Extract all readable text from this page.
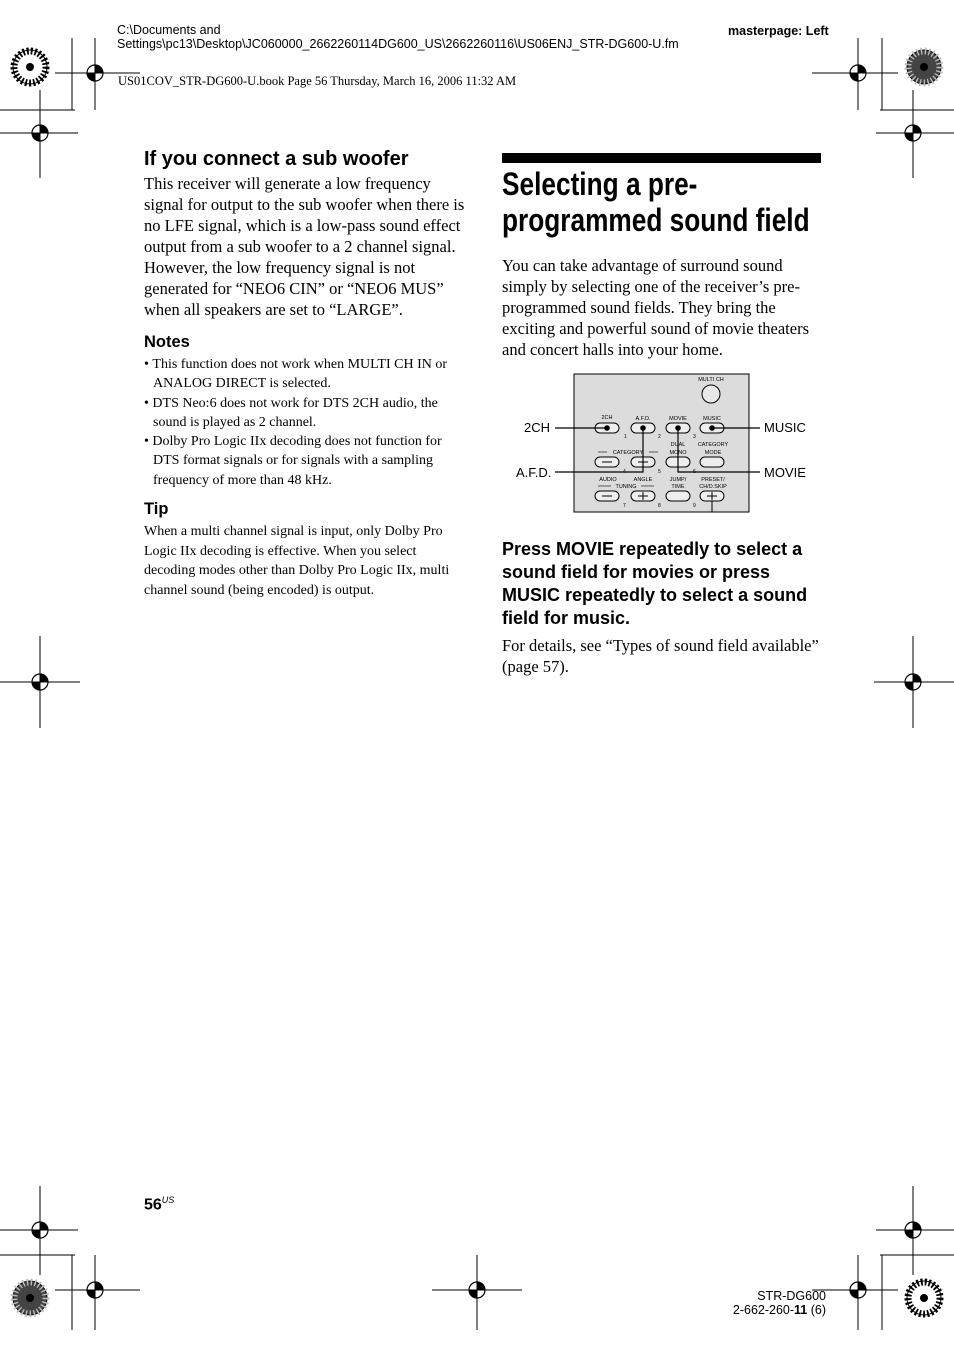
C:\Documents and Settings\pc13\Desktop\JC060000_2662260114DG600_US\2662260116\US06ENJ_STR-DG600-U.fm
masterpage: Left
US01COV_STR-DG600-U.book Page 56 Thursday, March 16, 2006 11:32 AM
If you connect a sub woofer
This receiver will generate a low frequency signal for output to the sub woofer when there is no LFE signal, which is a low-pass sound effect output from a sub woofer to a 2 channel signal. However, the low frequency signal is not generated for “NEO6 CIN” or “NEO6 MUS” when all speakers are set to “LARGE”.
Notes
• This function does not work when MULTI CH IN or ANALOG DIRECT is selected.
• DTS Neo:6 does not work for DTS 2CH audio, the sound is played as 2 channel.
• Dolby Pro Logic IIx decoding does not function for DTS format signals or for signals with a sampling frequency of more than 48 kHz.
Tip
When a multi channel signal is input, only Dolby Pro Logic IIx decoding is effective. When you select decoding modes other than Dolby Pro Logic IIx, multi channel sound (being encoded) is output.
Selecting a pre-programmed sound field
You can take advantage of surround sound simply by selecting one of the receiver’s pre-programmed sound fields. They bring the exciting and powerful sound of movie theaters and concert halls into your home.
MULTI CH
2CH	A.F.D.	MOVIE	MUSIC
1	2	3
DUAL CATEGORY
CATEGORY	MONO	MODE
4	5	6
AUDIO	ANGLE	JUMP/	PRESET/
TUNING	TIME	CH/D.SKIP
7	8	9
2CH
A.F.D.
MUSIC
MOVIE
Press MOVIE repeatedly to select a sound field for movies or press MUSIC repeatedly to select a sound field for music.
For details, see “Types of sound field available” (page 57).
$56^{US}$
STR-DG600
2-662-260-11 (6)
